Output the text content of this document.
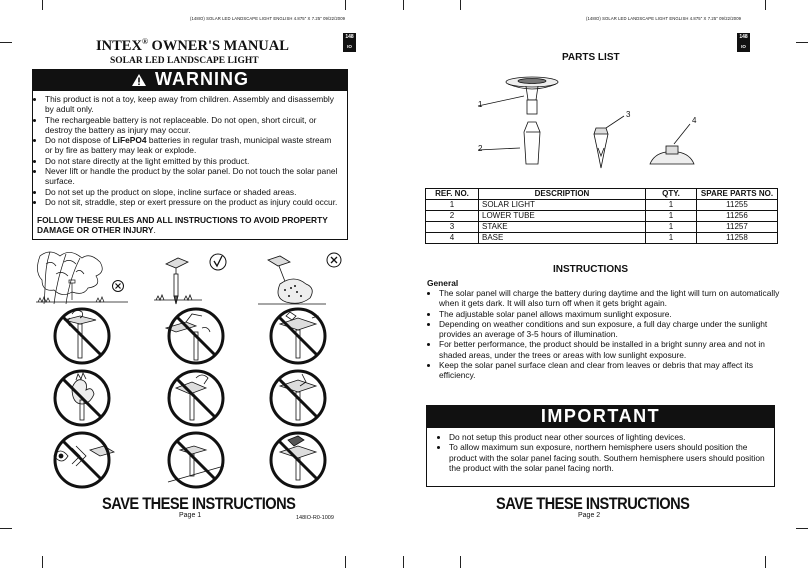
(148IO) SOLAR LED LANDSCAPE LIGHT ENGLISH 4.875" X 7.25" 09/22/2009
148
IO
INTEX® OWNER'S MANUAL
SOLAR LED LANDSCAPE LIGHT
WARNING
• This product is not a toy, keep away from children. Assembly and disassembly by adult only.
• The rechargeable battery is not replaceable. Do not open, short circuit, or destroy the battery as injury may occur.
• Do not dispose of LiFePO4 batteries in regular trash, municipal waste stream or by fire as battery may leak or explode.
• Do not stare directly at the light emitted by this product.
• Never lift or handle the product by the solar panel. Do not touch the solar panel surface.
• Do not set up the product on slope, incline surface or shaded areas.
• Do not sit, straddle, step or exert pressure on the product as injury could occur.
FOLLOW THESE RULES AND ALL INSTRUCTIONS TO AVOID PROPERTY DAMAGE OR OTHER INJURY.
SAVE THESE INSTRUCTIONS
Page 1	148IO-R0-1009
(148IO) SOLAR LED LANDSCAPE LIGHT ENGLISH 4.875" X 7.25" 09/22/2009
148
IO
PARTS LIST
1
2
3
4
REF. NO.	DESCRIPTION	QTY.	SPARE PARTS NO.
1	SOLAR LIGHT	1	11255
2	LOWER TUBE	1	11256
3	STAKE	1	11257
4	BASE	1	11258
INSTRUCTIONS
General
• The solar panel will charge the battery during daytime and the light will turn on automatically when it gets dark. It will also turn off when it gets bright again.
• The adjustable solar panel allows maximum sunlight exposure.
• Depending on weather conditions and sun exposure, a full day charge under the sunlight provides an average of 3-5 hours of illumination.
• For better performance, the product should be installed in a bright sunny area and not in shaded areas, under the trees or areas with low sunlight exposure.
• Keep the solar panel surface clean and clear from leaves or debris that may affect its efficiency.
IMPORTANT
• Do not setup this product near other sources of lighting devices.
• To allow maximum sun exposure, northern hemisphere users should position the product with the solar panel facing south. Southern hemisphere users should position the product with the solar panel facing north.
SAVE THESE INSTRUCTIONS
Page 2
